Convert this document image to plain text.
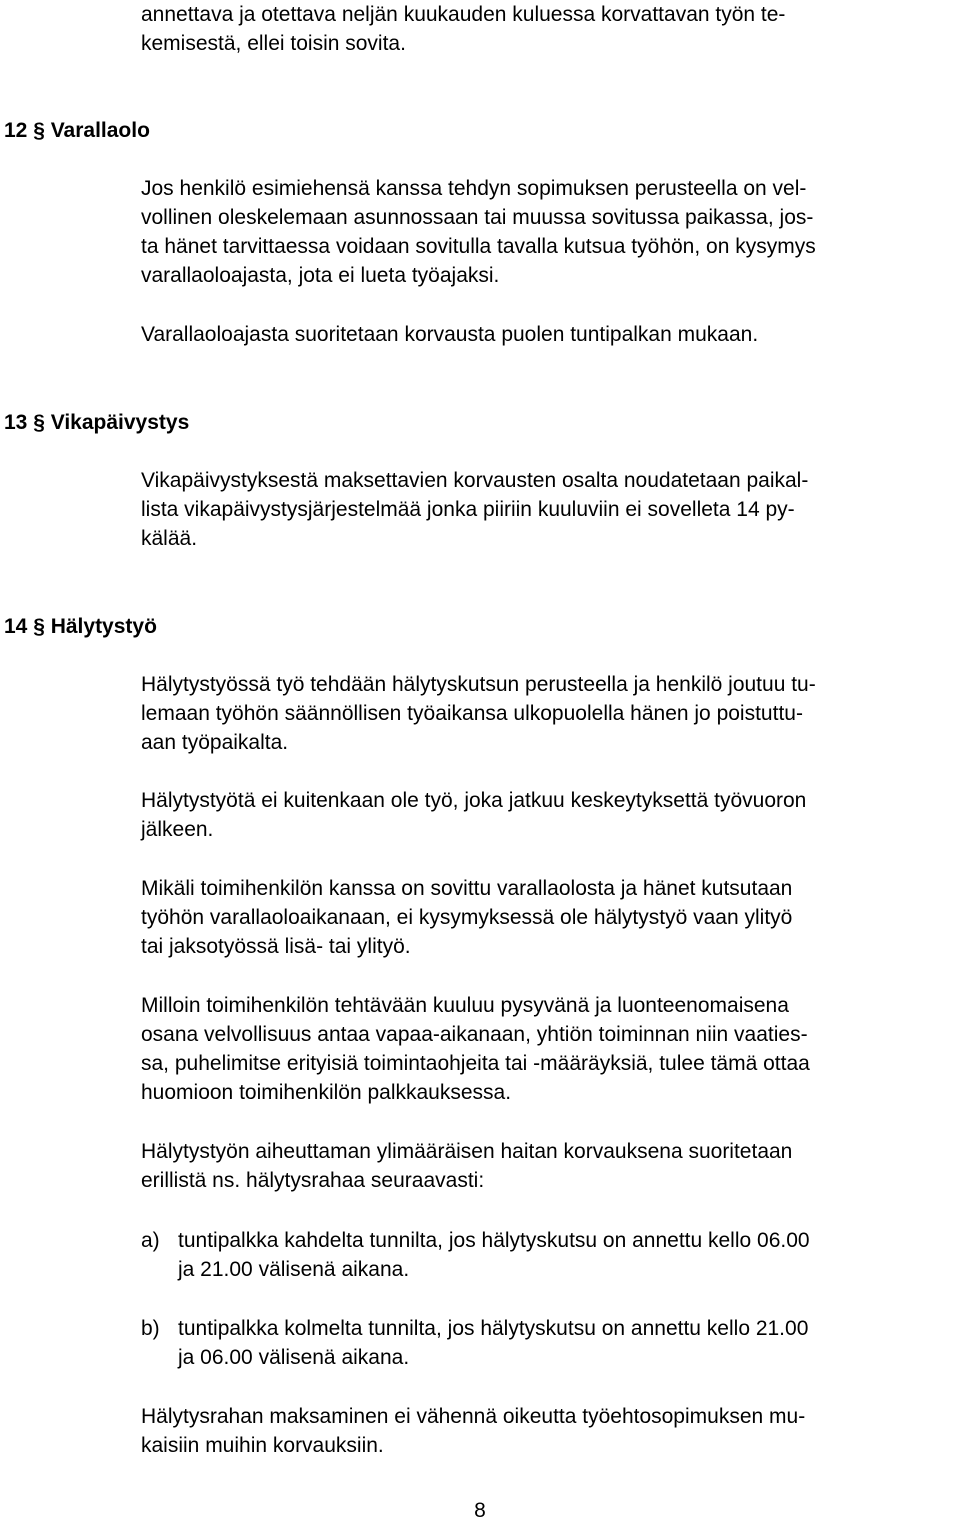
annettava ja otettava neljän kuukauden kuluessa korvattavan työn te-
kemisestä, ellei toisin sovita.

12 § Varallaolo

Jos henkilö esimiehensä kanssa tehdyn sopimuksen perusteella on vel-
vollinen oleskelemaan asunnossaan tai muussa sovitussa paikassa, jos-
ta hänet tarvittaessa voidaan sovitulla tavalla kutsua työhön, on kysymys
varallaoloajasta, jota ei lueta työajaksi.

Varallaoloajasta suoritetaan korvausta puolen tuntipalkan mukaan.

13 § Vikapäivystys

Vikapäivystyksestä maksettavien korvausten osalta noudatetaan paikal-
lista vikapäivystysjärjestelmää jonka piiriin kuuluviin ei sovelleta 14 py-
kälää.

14 § Hälytystyö

Hälytystyössä työ tehdään hälytyskutsun perusteella ja henkilö joutuu tu-
lemaan työhön säännöllisen työaikansa ulkopuolella hänen jo poistuttu-
aan työpaikalta.

Hälytystyötä ei kuitenkaan ole työ, joka jatkuu keskeytyksettä työvuoron
jälkeen.

Mikäli toimihenkilön kanssa on sovittu varallaolosta ja hänet kutsutaan
työhön varallaoloaikanaan, ei kysymyksessä ole hälytystyö vaan ylityö
tai jaksotyössä lisä- tai ylityö.

Milloin toimihenkilön tehtävään kuuluu pysyvänä ja luonteenomaisena
osana velvollisuus antaa vapaa-aikanaan, yhtiön toiminnan niin vaaties-
sa, puhelimitse erityisiä toimintaohjeita tai -määräyksiä, tulee tämä ottaa
huomioon toimihenkilön palkkauksessa.

Hälytystyön aiheuttaman ylimääräisen haitan korvauksena suoritetaan
erillistä ns. hälytysrahaa seuraavasti:

a) tuntipalkka kahdelta tunnilta, jos hälytyskutsu on annettu kello 06.00
ja 21.00 välisenä aikana.
b) tuntipalkka kolmelta tunnilta, jos hälytyskutsu on annettu kello 21.00
ja 06.00 välisenä aikana.

Hälytysrahan maksaminen ei vähennä oikeutta työehtosopimuksen mu-
kaisiin muihin korvauksiin.

8
